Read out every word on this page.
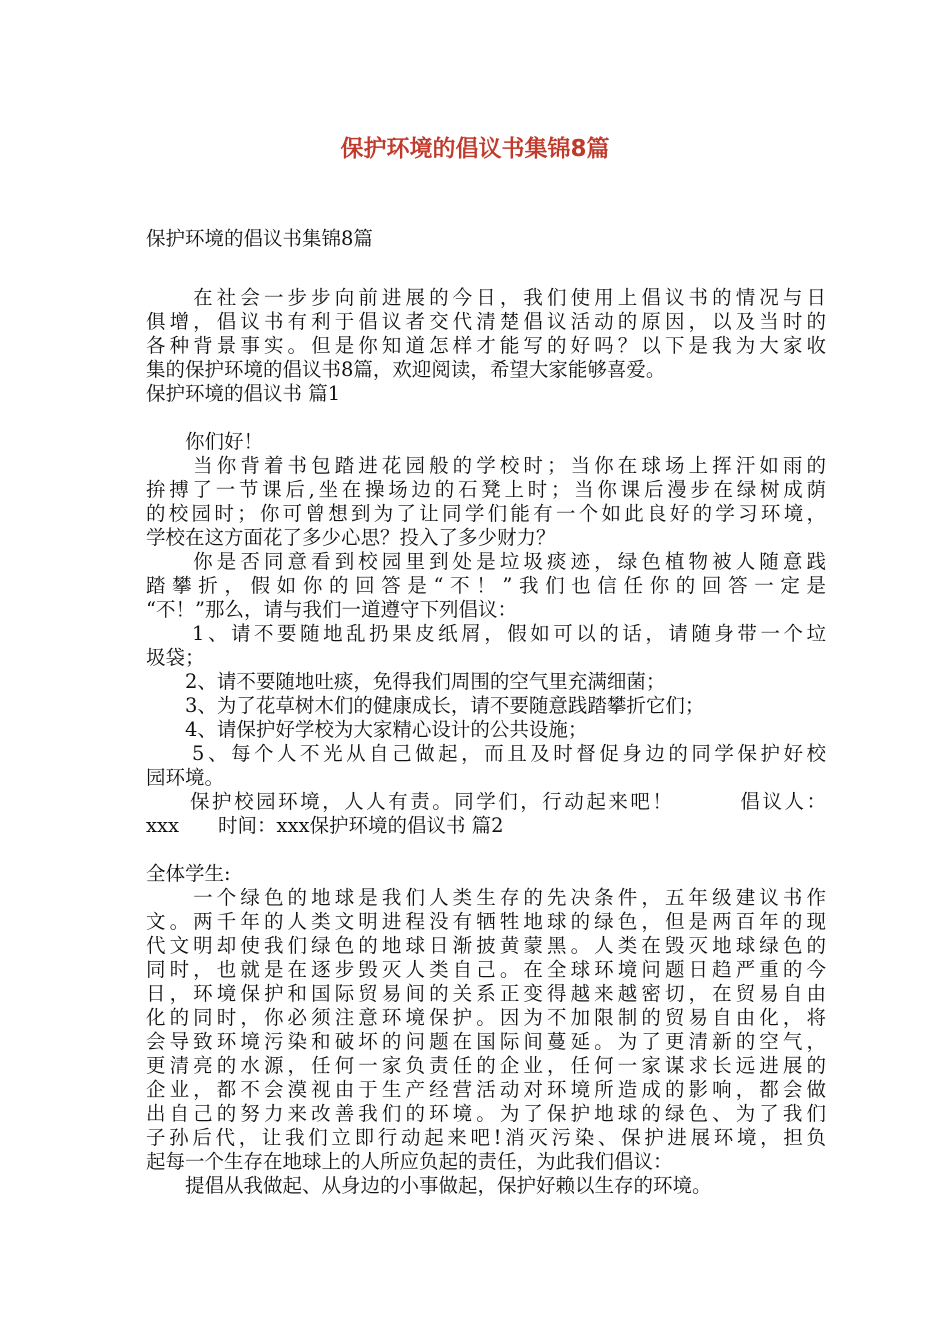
保护环境的倡议书集锦8篇
保护环境的倡议书集锦8篇
　　在社会一步步向前进展的今日，我们使用上倡议书的情况与日
俱增，倡议书有利于倡议者交代清楚倡议活动的原因，以及当时的
各种背景事实。但是你知道怎样才能写的好吗？以下是我为大家收
集的保护环境的倡议书8篇，欢迎阅读，希望大家能够喜爱。
保护环境的倡议书 篇1
　　你们好！
　　当你背着书包踏进花园般的学校时；当你在球场上挥汗如雨的
拚搏了一节课后,坐在操场边的石凳上时；当你课后漫步在绿树成荫
的校园时；你可曾想到为了让同学们能有一个如此良好的学习环境，
学校在这方面花了多少心思？投入了多少财力？
　　你是否同意看到校园里到处是垃圾痰迹，绿色植物被人随意践
踏攀折，假如你的回答是“不！”我们也信任你的回答一定是
“不！”那么，请与我们一道遵守下列倡议：
　　1、请不要随地乱扔果皮纸屑，假如可以的话，请随身带一个垃
圾袋；
　　2、请不要随地吐痰，免得我们周围的空气里充满细菌；
　　3、为了花草树木们的健康成长，请不要随意践踏攀折它们；
　　4、请保护好学校为大家精心设计的公共设施；
　　5、每个人不光从自己做起，而且及时督促身边的同学保护好校
园环境。
　　保护校园环境，人人有责。同学们，行动起来吧！　　　倡议人：
xxx　　时间：xxx保护环境的倡议书 篇2
全体学生:
　　一个绿色的地球是我们人类生存的先决条件，五年级建议书作
文。两千年的人类文明进程没有牺牲地球的绿色，但是两百年的现
代文明却使我们绿色的地球日渐披黄蒙黑。人类在毁灭地球绿色的
同时，也就是在逐步毁灭人类自己。在全球环境问题日趋严重的今
日，环境保护和国际贸易间的关系正变得越来越密切，在贸易自由
化的同时，你必须注意环境保护。因为不加限制的贸易自由化，将
会导致环境污染和破坏的问题在国际间蔓延。为了更清新的空气，
更清亮的水源，任何一家负责任的企业，任何一家谋求长远进展的
企业，都不会漠视由于生产经营活动对环境所造成的影响，都会做
出自己的努力来改善我们的环境。为了保护地球的绿色、为了我们
子孙后代，让我们立即行动起来吧!消灭污染、保护进展环境，担负
起每一个生存在地球上的人所应负起的责任，为此我们倡议：
　　提倡从我做起、从身边的小事做起，保护好赖以生存的环境。
